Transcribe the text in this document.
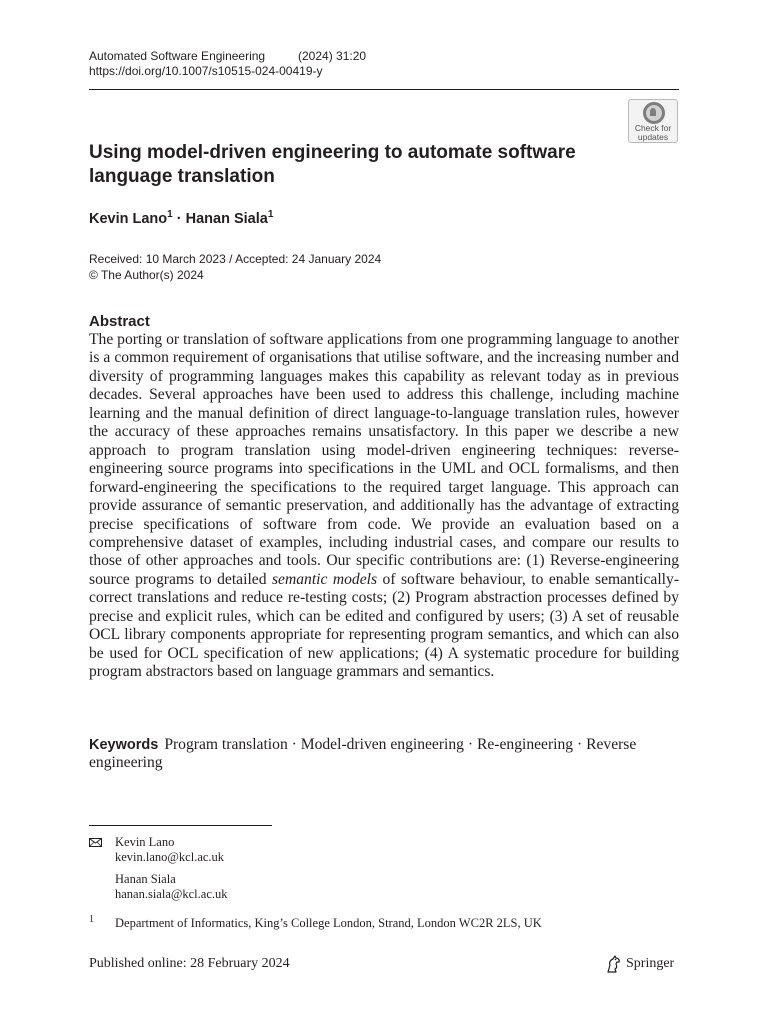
Automated Software Engineering	(2024) 31:20
https://doi.org/10.1007/s10515-024-00419-y
Check for
updates
Using model-driven engineering to automate software language translation
Kevin Lano$^1$ · Hanan Siala$^1$
Received: 10 March 2023 / Accepted: 24 January 2024
© The Author(s) 2024
Abstract

The porting or translation of software applications from one programming language to another is a common requirement of organisations that utilise software, and the increasing number and diversity of programming languages makes this capability as relevant today as in previous decades. Several approaches have been used to address this challenge, including machine learning and the manual definition of direct language-to-language translation rules, however the accuracy of these approaches remains unsatisfactory. In this paper we describe a new approach to program translation using model-driven engineering techniques: reverse-engineering source programs into specifications in the UML and OCL formalisms, and then forward-engineering the specifications to the required target language. This approach can provide assurance of semantic preservation, and additionally has the advantage of extracting precise specifications of software from code. We provide an evaluation based on a comprehensive dataset of examples, including industrial cases, and compare our results to those of other approaches and tools. Our specific contributions are: (1) Reverse-engineering source programs to detailed semantic models of software behaviour, to enable semantically-correct translations and reduce re-testing costs; (2) Program abstraction processes defined by precise and explicit rules, which can be edited and configured by users; (3) A set of reusable OCL library components appropriate for representing program semantics, and which can also be used for OCL specification of new applications; (4) A systematic procedure for building program abstractors based on language grammars and semantics.

Keywords Program translation · Model-driven engineering · Re-engineering · Reverse engineering
Kevin Lano
kevin.lano@kcl.ac.uk
Hanan Siala
hanan.siala@kcl.ac.uk
1 Department of Informatics, King’s College London, Strand, London WC2R 2LS, UK
Published online: 28 February 2024	Springer
